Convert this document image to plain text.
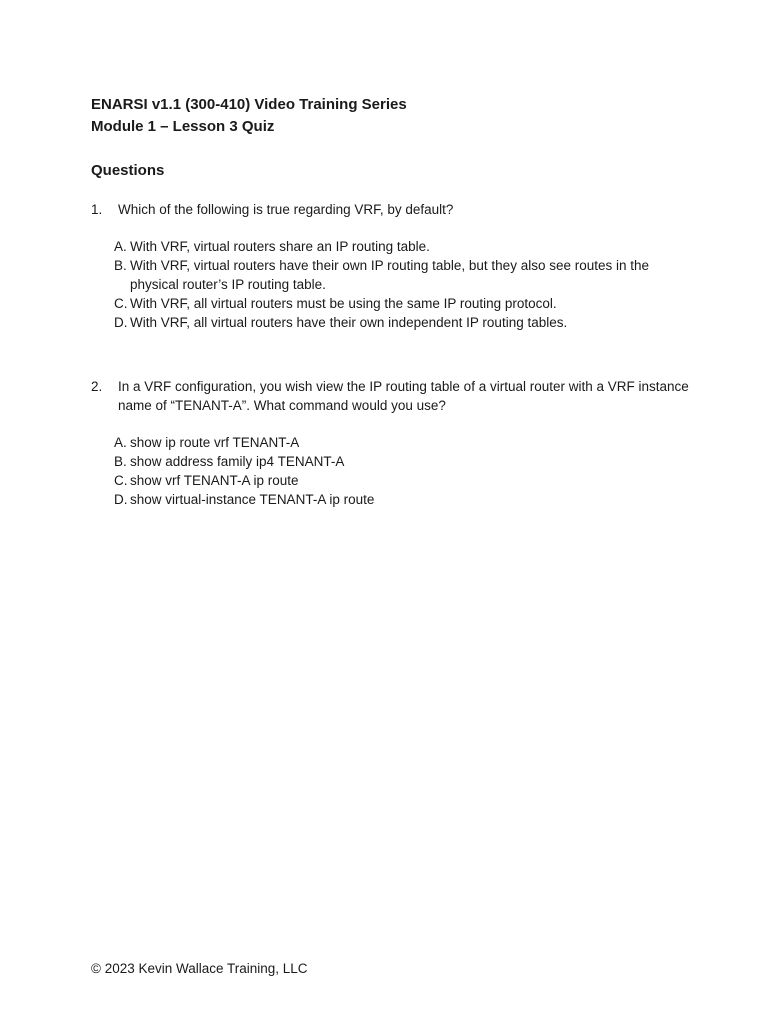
ENARSI v1.1 (300-410) Video Training Series
Module 1 – Lesson 3 Quiz
Questions
1. Which of the following is true regarding VRF, by default?
A. With VRF, virtual routers share an IP routing table.
B. With VRF, virtual routers have their own IP routing table, but they also see routes in the physical router’s IP routing table.
C. With VRF, all virtual routers must be using the same IP routing protocol.
D. With VRF, all virtual routers have their own independent IP routing tables.
2. In a VRF configuration, you wish view the IP routing table of a virtual router with a VRF instance name of “TENANT-A”. What command would you use?
A. show ip route vrf TENANT-A
B. show address family ip4 TENANT-A
C. show vrf TENANT-A ip route
D. show virtual-instance TENANT-A ip route
© 2023 Kevin Wallace Training, LLC
